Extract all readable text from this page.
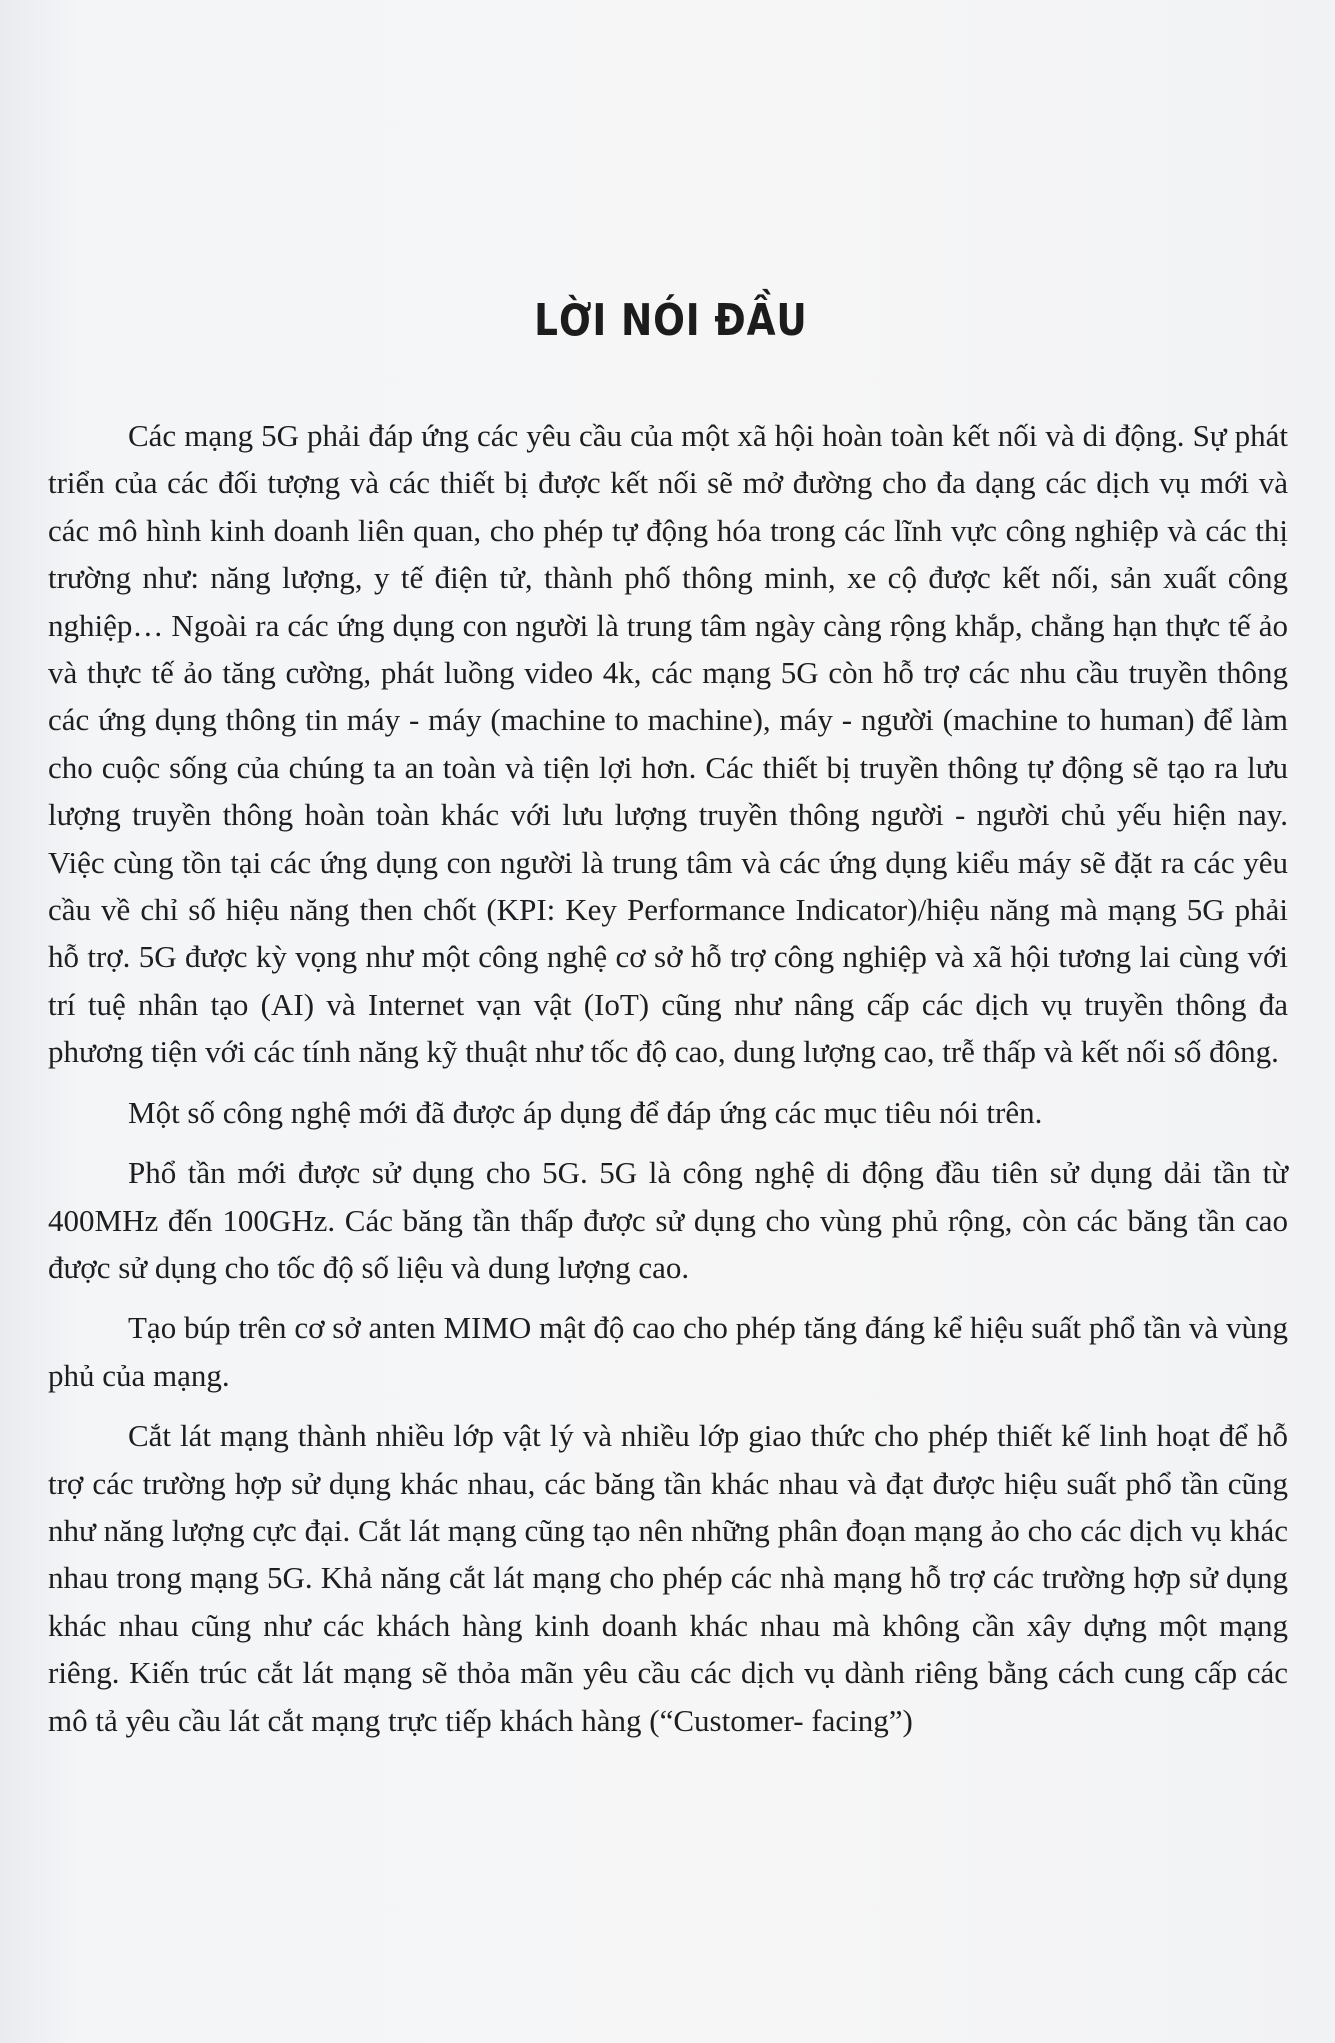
LỜI NÓI ĐẦU

Các mạng 5G phải đáp ứng các yêu cầu của một xã hội hoàn toàn kết nối và di động. Sự phát triển của các đối tượng và các thiết bị được kết nối sẽ mở đường cho đa dạng các dịch vụ mới và các mô hình kinh doanh liên quan, cho phép tự động hóa trong các lĩnh vực công nghiệp và các thị trường như: năng lượng, y tế điện tử, thành phố thông minh, xe cộ được kết nối, sản xuất công nghiệp… Ngoài ra các ứng dụng con người là trung tâm ngày càng rộng khắp, chẳng hạn thực tế ảo và thực tế ảo tăng cường, phát luồng video 4k, các mạng 5G còn hỗ trợ các nhu cầu truyền thông các ứng dụng thông tin máy - máy (machine to machine), máy - người (machine to human) để làm cho cuộc sống của chúng ta an toàn và tiện lợi hơn. Các thiết bị truyền thông tự động sẽ tạo ra lưu lượng truyền thông hoàn toàn khác với lưu lượng truyền thông người - người chủ yếu hiện nay. Việc cùng tồn tại các ứng dụng con người là trung tâm và các ứng dụng kiểu máy sẽ đặt ra các yêu cầu về chỉ số hiệu năng then chốt (KPI: Key Performance Indicator)/hiệu năng mà mạng 5G phải hỗ trợ. 5G được kỳ vọng như một công nghệ cơ sở hỗ trợ công nghiệp và xã hội tương lai cùng với trí tuệ nhân tạo (AI) và Internet vạn vật (IoT) cũng như nâng cấp các dịch vụ truyền thông đa phương tiện với các tính năng kỹ thuật như tốc độ cao, dung lượng cao, trễ thấp và kết nối số đông.

Một số công nghệ mới đã được áp dụng để đáp ứng các mục tiêu nói trên.

Phổ tần mới được sử dụng cho 5G. 5G là công nghệ di động đầu tiên sử dụng dải tần từ 400MHz đến 100GHz. Các băng tần thấp được sử dụng cho vùng phủ rộng, còn các băng tần cao được sử dụng cho tốc độ số liệu và dung lượng cao.

Tạo búp trên cơ sở anten MIMO mật độ cao cho phép tăng đáng kể hiệu suất phổ tần và vùng phủ của mạng.

Cắt lát mạng thành nhiều lớp vật lý và nhiều lớp giao thức cho phép thiết kế linh hoạt để hỗ trợ các trường hợp sử dụng khác nhau, các băng tần khác nhau và đạt được hiệu suất phổ tần cũng như năng lượng cực đại. Cắt lát mạng cũng tạo nên những phân đoạn mạng ảo cho các dịch vụ khác nhau trong mạng 5G. Khả năng cắt lát mạng cho phép các nhà mạng hỗ trợ các trường hợp sử dụng khác nhau cũng như các khách hàng kinh doanh khác nhau mà không cần xây dựng một mạng riêng. Kiến trúc cắt lát mạng sẽ thỏa mãn yêu cầu các dịch vụ dành riêng bằng cách cung cấp các mô tả yêu cầu lát cắt mạng trực tiếp khách hàng (“Customer- facing”)
